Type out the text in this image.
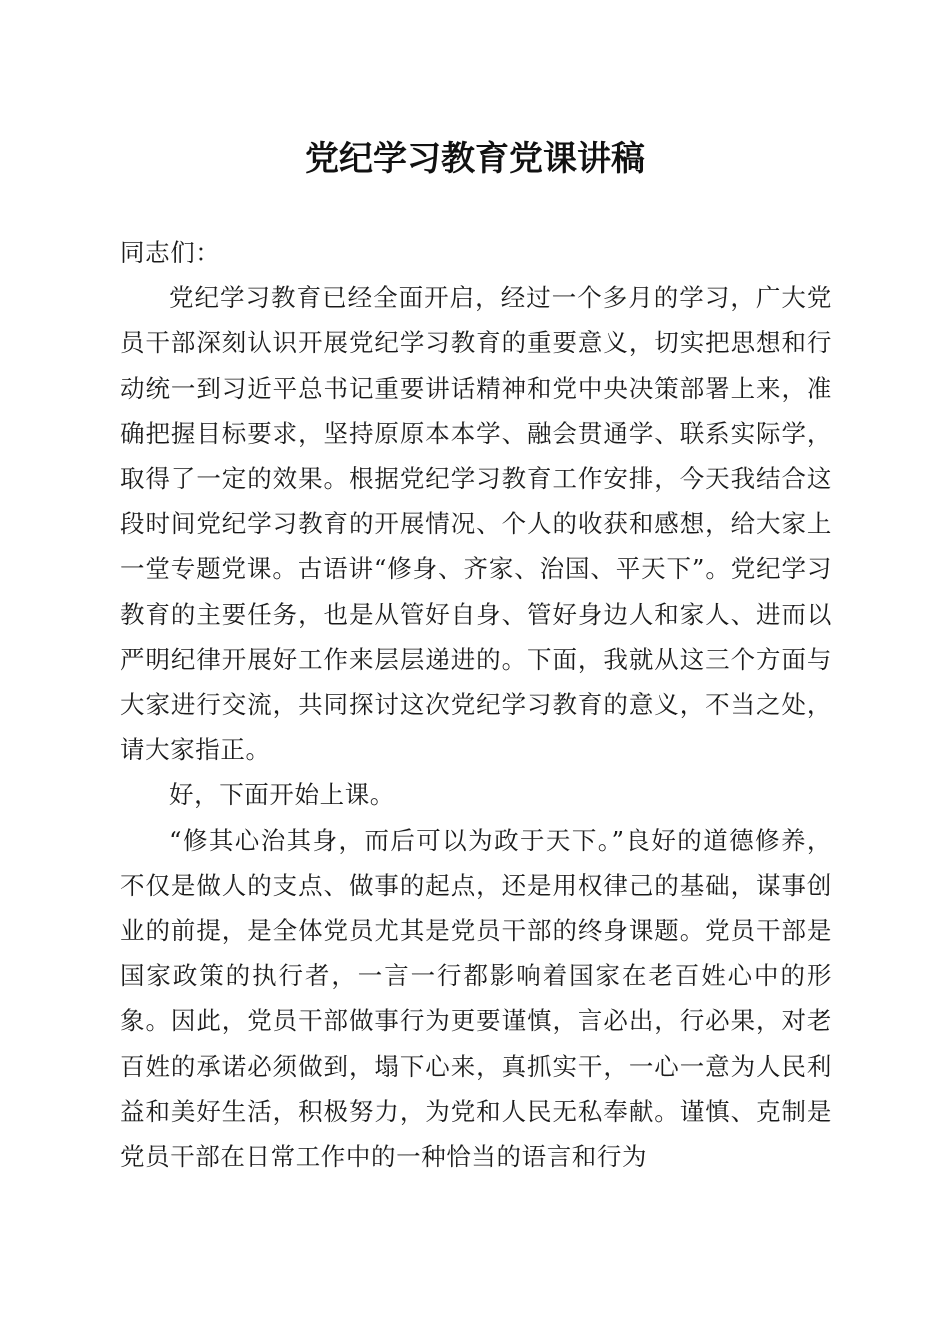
党纪学习教育党课讲稿

同志们：

党纪学习教育已经全面开启，经过一个多月的学习，广大党员干部深刻认识开展党纪学习教育的重要意义，切实把思想和行动统一到习近平总书记重要讲话精神和党中央决策部署上来，准确把握目标要求，坚持原原本本学、融会贯通学、联系实际学，取得了一定的效果。根据党纪学习教育工作安排，今天我结合这段时间党纪学习教育的开展情况、个人的收获和感想，给大家上一堂专题党课。古语讲“修身、齐家、治国、平天下”。党纪学习教育的主要任务，也是从管好自身、管好身边人和家人、进而以严明纪律开展好工作来层层递进的。下面，我就从这三个方面与大家进行交流，共同探讨这次党纪学习教育的意义，不当之处，请大家指正。

好，下面开始上课。

“修其心治其身，而后可以为政于天下。”良好的道德修养，不仅是做人的支点、做事的起点，还是用权律己的基础，谋事创业的前提，是全体党员尤其是党员干部的终身课题。党员干部是国家政策的执行者，一言一行都影响着国家在老百姓心中的形象。因此，党员干部做事行为更要谨慎，言必出，行必果，对老百姓的承诺必须做到，塌下心来，真抓实干，一心一意为人民利益和美好生活，积极努力，为党和人民无私奉献。谨慎、克制是党员干部在日常工作中的一种恰当的语言和行为
